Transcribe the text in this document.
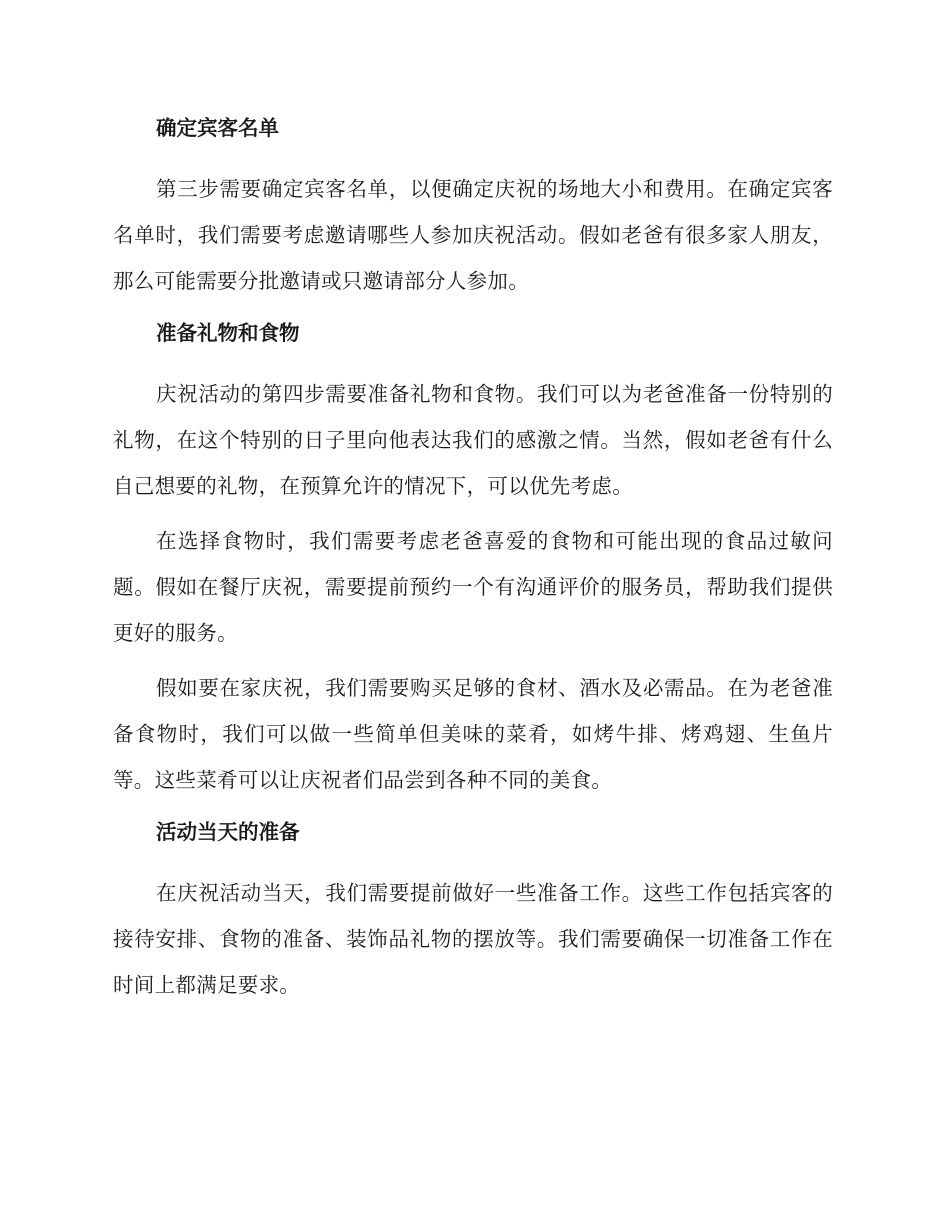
确定宾客名单

第三步需要确定宾客名单，以便确定庆祝的场地大小和费用。在确定宾客名单时，我们需要考虑邀请哪些人参加庆祝活动。假如老爸有很多家人朋友，那么可能需要分批邀请或只邀请部分人参加。

准备礼物和食物

庆祝活动的第四步需要准备礼物和食物。我们可以为老爸准备一份特别的礼物，在这个特别的日子里向他表达我们的感激之情。当然，假如老爸有什么自己想要的礼物，在预算允许的情况下，可以优先考虑。

在选择食物时，我们需要考虑老爸喜爱的食物和可能出现的食品过敏问题。假如在餐厅庆祝，需要提前预约一个有沟通评价的服务员，帮助我们提供更好的服务。

假如要在家庆祝，我们需要购买足够的食材、酒水及必需品。在为老爸准备食物时，我们可以做一些简单但美味的菜肴，如烤牛排、烤鸡翅、生鱼片等。这些菜肴可以让庆祝者们品尝到各种不同的美食。

活动当天的准备

在庆祝活动当天，我们需要提前做好一些准备工作。这些工作包括宾客的接待安排、食物的准备、装饰品礼物的摆放等。我们需要确保一切准备工作在时间上都满足要求。
